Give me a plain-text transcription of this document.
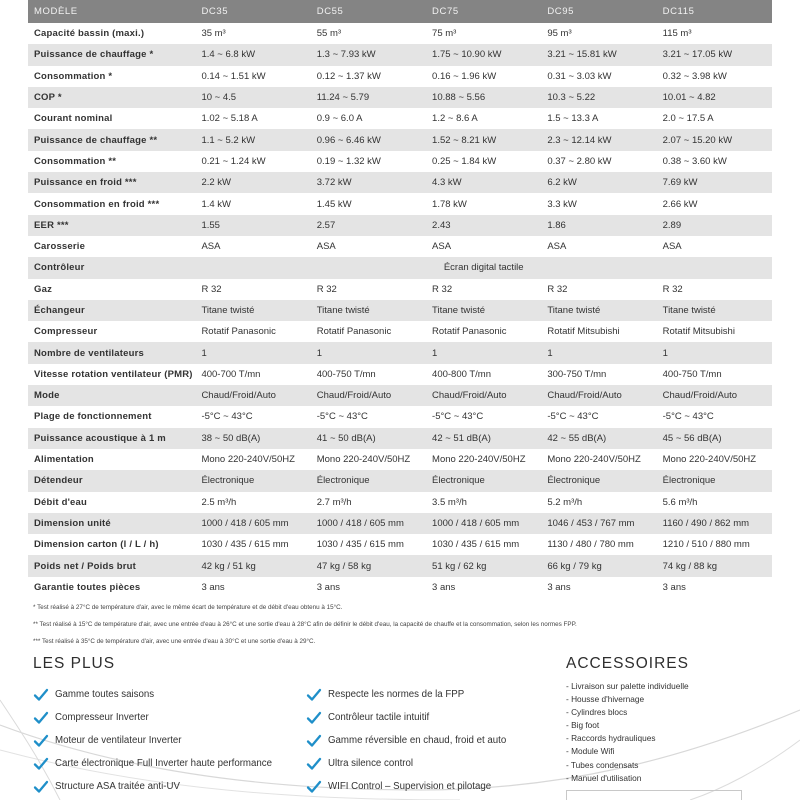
MODÈLE	DC35	DC55	DC75	DC95	DC115
Capacité bassin (maxi.)	35 m³	55 m³	75 m³	95 m³	115 m³
Puissance de chauffage *	1.4 ~ 6.8 kW	1.3 ~ 7.93 kW	1.75 ~ 10.90 kW	3.21 ~ 15.81 kW	3.21 ~ 17.05 kW
Consommation *	0.14 ~ 1.51 kW	0.12 ~ 1.37 kW	0.16 ~ 1.96 kW	0.31 ~ 3.03 kW	0.32 ~ 3.98 kW
COP *	10 ~ 4.5	11.24 ~ 5.79	10.88 ~ 5.56	10.3 ~ 5.22	10.01 ~ 4.82
Courant nominal	1.02 ~ 5.18 A	0.9 ~ 6.0 A	1.2 ~ 8.6 A	1.5 ~ 13.3 A	2.0 ~ 17.5 A
Puissance de chauffage **	1.1 ~ 5.2 kW	0.96 ~ 6.46 kW	1.52 ~ 8.21 kW	2.3 ~ 12.14 kW	2.07 ~ 15.20 kW
Consommation **	0.21 ~ 1.24 kW	0.19 ~ 1.32 kW	0.25 ~ 1.84 kW	0.37 ~ 2.80 kW	0.38 ~ 3.60 kW
Puissance en froid ***	2.2 kW	3.72 kW	4.3 kW	6.2 kW	7.69 kW
Consommation en froid ***	1.4 kW	1.45 kW	1.78 kW	3.3 kW	2.66 kW
EER ***	1.55	2.57	2.43	1.86	2.89
Carosserie	ASA	ASA	ASA	ASA	ASA
Contrôleur	Écran digital tactile				
Gaz	R 32	R 32	R 32	R 32	R 32
Échangeur	Titane twisté	Titane twisté	Titane twisté	Titane twisté	Titane twisté
Compresseur	Rotatif Panasonic	Rotatif Panasonic	Rotatif Panasonic	Rotatif Mitsubishi	Rotatif Mitsubishi
Nombre de ventilateurs	1	1	1	1	1
Vitesse rotation ventilateur (PMR)	400-700 T/mn	400-750 T/mn	400-800 T/mn	300-750 T/mn	400-750 T/mn
Mode	Chaud/Froid/Auto	Chaud/Froid/Auto	Chaud/Froid/Auto	Chaud/Froid/Auto	Chaud/Froid/Auto
Plage de fonctionnement	-5°C ~ 43°C	-5°C ~ 43°C	-5°C ~ 43°C	-5°C ~ 43°C	-5°C ~ 43°C
Puissance acoustique à 1 m	38 ~ 50 dB(A)	41 ~ 50 dB(A)	42 ~ 51 dB(A)	42 ~ 55 dB(A)	45 ~ 56 dB(A)
Alimentation	Mono 220-240V/50HZ	Mono 220-240V/50HZ	Mono 220-240V/50HZ	Mono 220-240V/50HZ	Mono 220-240V/50HZ
Détendeur	Électronique	Électronique	Électronique	Électronique	Électronique
Débit d'eau	2.5 m³/h	2.7 m³/h	3.5 m³/h	5.2 m³/h	5.6 m³/h
Dimension unité	1000 / 418 / 605 mm	1000 / 418 / 605 mm	1000 / 418 / 605 mm	1046 / 453 / 767 mm	1160 / 490 / 862 mm
Dimension carton (l / L / h)	1030 / 435 / 615 mm	1030 / 435 / 615 mm	1030 / 435 / 615 mm	1130 / 480 / 780 mm	1210 / 510 / 880 mm
Poids net / Poids brut	42 kg / 51 kg	47 kg / 58 kg	51 kg / 62 kg	66 kg / 79 kg	74 kg / 88 kg
Garantie toutes pièces	3 ans	3 ans	3 ans	3 ans	3 ans

* Test réalisé à 27°C de température d'air, avec le même écart de température et de débit d'eau obtenu à 15°C.

** Test réalisé à 15°C de température d'air, avec une entrée d'eau à 26°C et une sortie d'eau à 28°C afin de définir le débit d'eau, la capacité de chauffe et la consommation, selon les normes FPP.

*** Test réalisé à 35°C de température d'air, avec une entrée d'eau à 30°C et une sortie d'eau à 29°C.

LES PLUS	ACCESSOIRES
Gamme toutes saisons
Compresseur Inverter
Moteur de ventilateur Inverter
Carte électronique Full Inverter haute performance
Structure ASA traitée anti-UV
Respecte les normes de la FPP
Contrôleur tactile intuitif
Gamme réversible en chaud, froid et auto
Ultra silence control
WIFI Control – Supervision et pilotage
- Livraison sur palette individuelle
- Housse d'hivernage
- Cylindres blocs
- Big foot
- Raccords hydrauliques
- Module Wifi
- Tubes condensats
- Manuel d'utilisation
